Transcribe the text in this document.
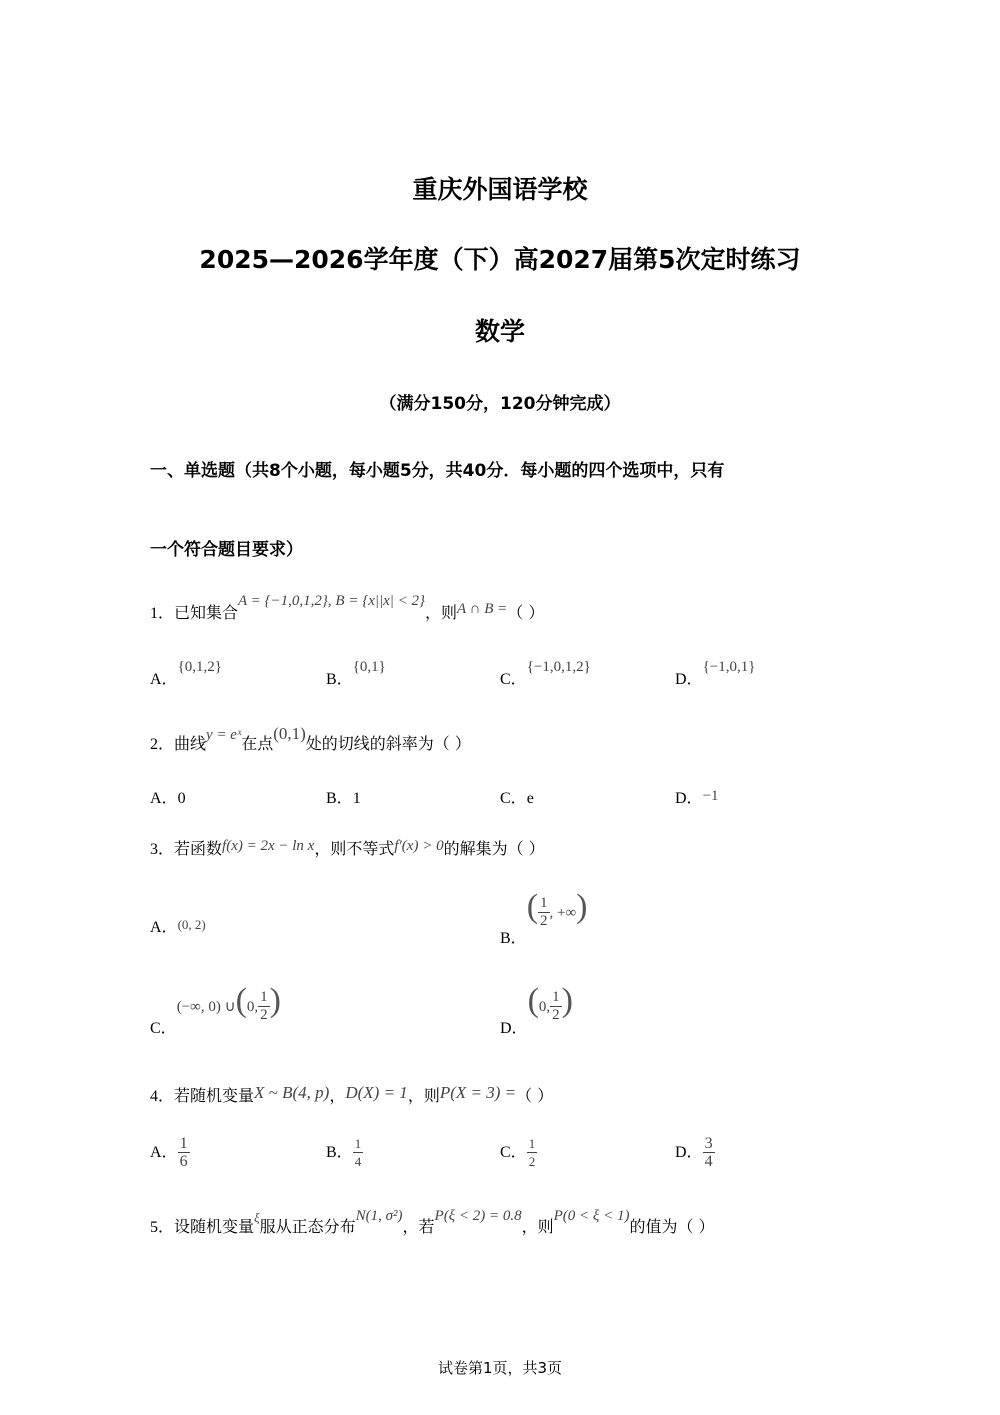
重庆外国语学校
2025—2026学年度（下）高2027届第5次定时练习
数学
（满分150分，120分钟完成）
一、单选题（共8个小题，每小题5分，共40分．每小题的四个选项中，只有
一个符合题目要求）
1．已知集合A = {−1,0,1,2}, B = {x||x| < 2}，则A ∩ B =（ ）
A．{0,1,2}
B．{0,1}
C．{−1,0,1,2}
D．{−1,0,1}
2．曲线y = eˣ在点(0,1)处的切线的斜率为（ ）
A．0	B．1	C．e	D．−1
3．若函数f(x) = 2x − ln x，则不等式f′(x) > 0的解集为（ ）
A．(0, 2)
B．( $\frac{1}{2}$ , +∞)
C．(−∞, 0) ∪(0, $\frac{1}{2}$ )
D．(0, $\frac{1}{2}$ )
4．若随机变量X ~ B(4, p)，D(X) = 1，则P(X = 3) =（ ）
A． $\frac{1}{6}$	B． $\frac{1}{4}$	C． $\frac{1}{2}$	D． $\frac{3}{4}$
5．设随机变量$^\xi$服从正态分布N(1, σ²)，若P(ξ < 2) = 0.8，则P(0 < ξ < 1)的值为（ ）
试卷第1页，共3页
